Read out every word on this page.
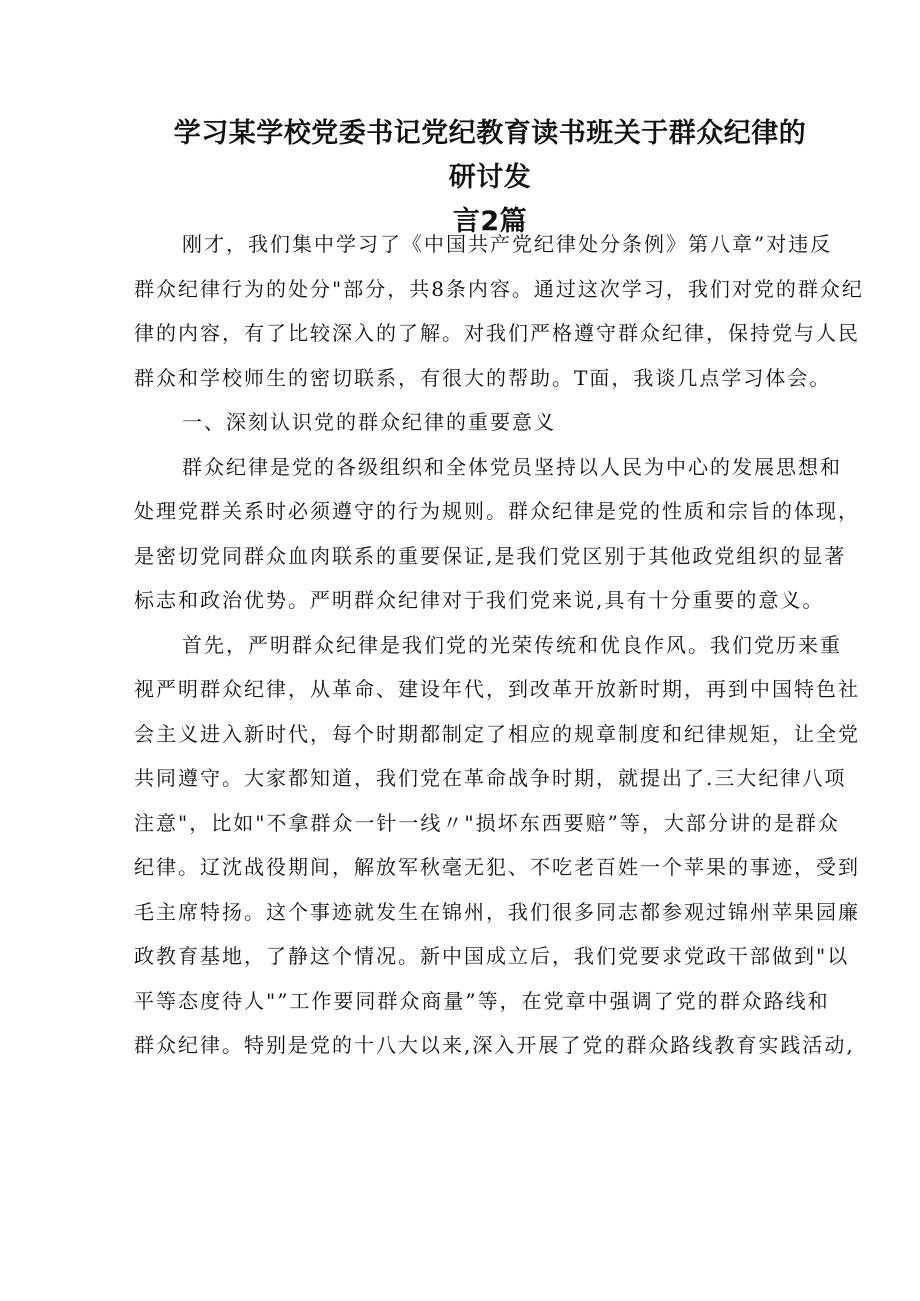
学习某学校党委书记党纪教育读书班关于群众纪律的研讨发
言2篇
刚才，我们集中学习了《中国共产党纪律处分条例》第八章”对违反
群众纪律行为的处分"部分，共8条内容。通过这次学习，我们对党的群众纪
律的内容，有了比较深入的了解。对我们严格遵守群众纪律，保持党与人民
群众和学校师生的密切联系，有很大的帮助。T面，我谈几点学习体会。
一、深刻认识党的群众纪律的重要意义
群众纪律是党的各级组织和全体党员坚持以人民为中心的发展思想和
处理党群关系时必须遵守的行为规则。群众纪律是党的性质和宗旨的体现，
是密切党同群众血肉联系的重要保证,是我们党区别于其他政党组织的显著
标志和政治优势。严明群众纪律对于我们党来说,具有十分重要的意义。
首先，严明群众纪律是我们党的光荣传统和优良作风。我们党历来重
视严明群众纪律，从革命、建设年代，到改革开放新时期，再到中国特色社
会主义进入新时代，每个时期都制定了相应的规章制度和纪律规矩，让全党
共同遵守。大家都知道，我们党在革命战争时期，就提出了.三大纪律八项
注意"，比如"不拿群众一针一线〃"损坏东西要赔”等，大部分讲的是群众
纪律。辽沈战役期间，解放军秋毫无犯、不吃老百姓一个苹果的事迹，受到
毛主席特扬。这个事迹就发生在锦州，我们很多同志都参观过锦州苹果园廉
政教育基地，了静这个情况。新中国成立后，我们党要求党政干部做到"以
平等态度待人"”工作要同群众商量”等，在党章中强调了党的群众路线和
群众纪律。特别是党的十八大以来,深入开展了党的群众路线教育实践活动,
